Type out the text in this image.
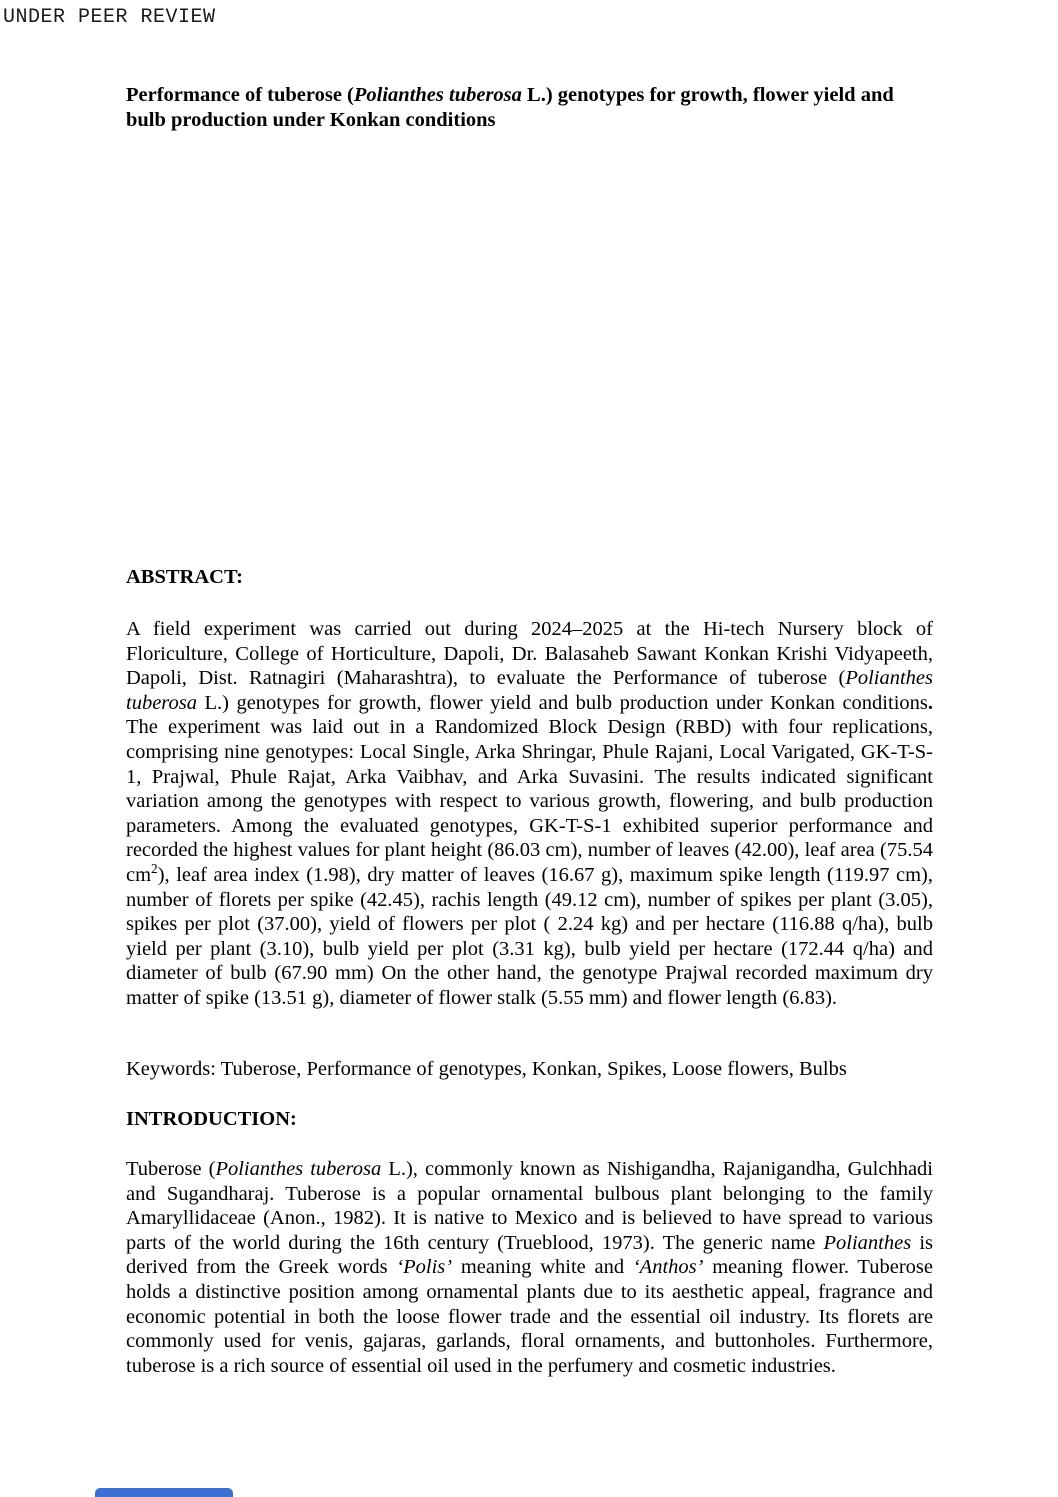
UNDER PEER REVIEW
Performance of tuberose (Polianthes tuberosa L.) genotypes for growth, flower yield and bulb production under Konkan conditions
ABSTRACT:
A field experiment was carried out during 2024–2025 at the Hi-tech Nursery block of Floriculture, College of Horticulture, Dapoli, Dr. Balasaheb Sawant Konkan Krishi Vidyapeeth, Dapoli, Dist. Ratnagiri (Maharashtra), to evaluate the Performance of tuberose (Polianthes tuberosa L.) genotypes for growth, flower yield and bulb production under Konkan conditions. The experiment was laid out in a Randomized Block Design (RBD) with four replications, comprising nine genotypes: Local Single, Arka Shringar, Phule Rajani, Local Varigated, GK-T-S-1, Prajwal, Phule Rajat, Arka Vaibhav, and Arka Suvasini. The results indicated significant variation among the genotypes with respect to various growth, flowering, and bulb production parameters. Among the evaluated genotypes, GK-T-S-1 exhibited superior performance and recorded the highest values for plant height (86.03 cm), number of leaves (42.00), leaf area (75.54 $cm^2$), leaf area index (1.98), dry matter of leaves (16.67 g), maximum spike length (119.97 cm), number of florets per spike (42.45), rachis length (49.12 cm), number of spikes per plant (3.05), spikes per plot (37.00), yield of flowers per plot ( 2.24 kg) and per hectare (116.88 q/ha), bulb yield per plant (3.10), bulb yield per plot (3.31 kg), bulb yield per hectare (172.44 q/ha) and diameter of bulb (67.90 mm) On the other hand, the genotype Prajwal recorded maximum dry matter of spike (13.51 g), diameter of flower stalk (5.55 mm) and flower length (6.83).
Keywords: Tuberose, Performance of genotypes, Konkan, Spikes, Loose flowers, Bulbs
INTRODUCTION:
Tuberose (Polianthes tuberosa L.), commonly known as Nishigandha, Rajanigandha, Gulchhadi and Sugandharaj. Tuberose is a popular ornamental bulbous plant belonging to the family Amaryllidaceae (Anon., 1982). It is native to Mexico and is believed to have spread to various parts of the world during the 16th century (Trueblood, 1973). The generic name Polianthes is derived from the Greek words ‘Polis’ meaning white and ‘Anthos’ meaning flower. Tuberose holds a distinctive position among ornamental plants due to its aesthetic appeal, fragrance and economic potential in both the loose flower trade and the essential oil industry. Its florets are commonly used for venis, gajaras, garlands, floral ornaments, and buttonholes. Furthermore, tuberose is a rich source of essential oil used in the perfumery and cosmetic industries.
